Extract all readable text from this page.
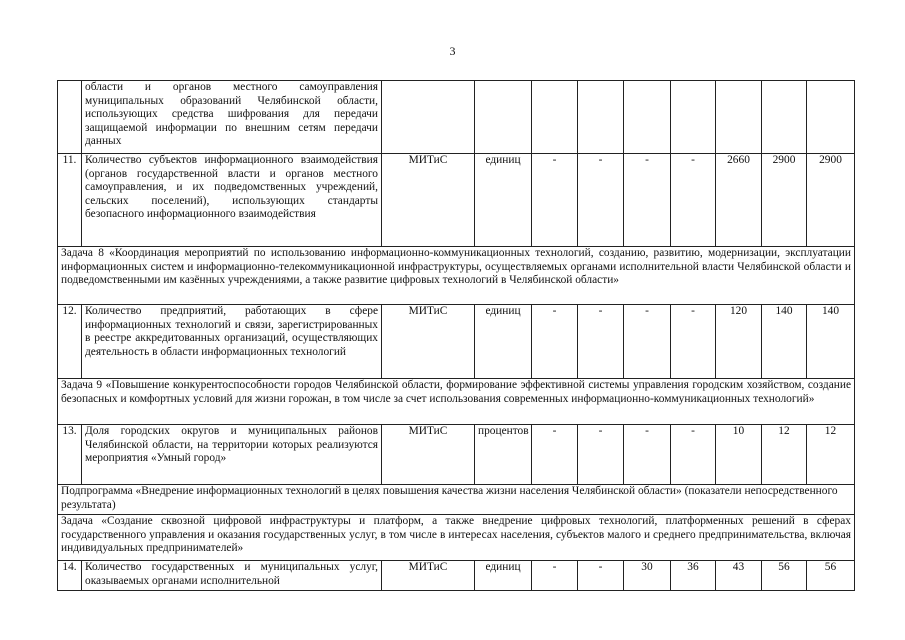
3
	области и органов местного самоуправления муниципальных образований Челябинской области, использующих средства шифрования для передачи защищаемой информации по внешним сетям передачи данных									
11.	Количество субъектов информационного взаимодействия (органов государственной власти и органов местного самоуправления, и их подведомственных учреждений, сельских поселений), использующих стандарты безопасного информационного взаимодействия	МИТиС	единиц	-	-	-	-	2660	2900	2900
Задача 8 «Координация мероприятий по использованию информационно-коммуникационных технологий, созданию, развитию, модернизации, эксплуатации информационных систем и информационно-телекоммуникационной инфраструктуры, осуществляемых органами исполнительной власти Челябинской области и подведомственными им казённых учреждениями, а также развитие цифровых технологий в Челябинской области»										
12.	Количество предприятий, работающих в сфере информационных технологий и связи, зарегистрированных в реестре аккредитованных организаций, осуществляющих деятельность в области информационных технологий	МИТиС	единиц	-	-	-	-	120	140	140
Задача 9 «Повышение конкурентоспособности городов Челябинской области, формирование эффективной системы управления городским хозяйством, создание безопасных и комфортных условий для жизни горожан, в том числе за счет использования современных информационно-коммуникационных технологий»										
13.	Доля городских округов и муниципальных районов Челябинской области, на территории которых реализуются мероприятия «Умный город»	МИТиС	процентов	-	-	-	-	10	12	12
Подпрограмма «Внедрение информационных технологий в целях повышения качества жизни населения Челябинской области» (показатели непосредственного результата)										
Задача «Создание сквозной цифровой инфраструктуры и платформ, а также внедрение цифровых технологий, платформенных решений в сферах государственного управления и оказания государственных услуг, в том числе в интересах населения, субъектов малого и среднего предпринимательства, включая индивидуальных предпринимателей»										
14.	Количество государственных и муниципальных услуг, оказываемых органами исполнительной	МИТиС	единиц	-	-	30	36	43	56	56
